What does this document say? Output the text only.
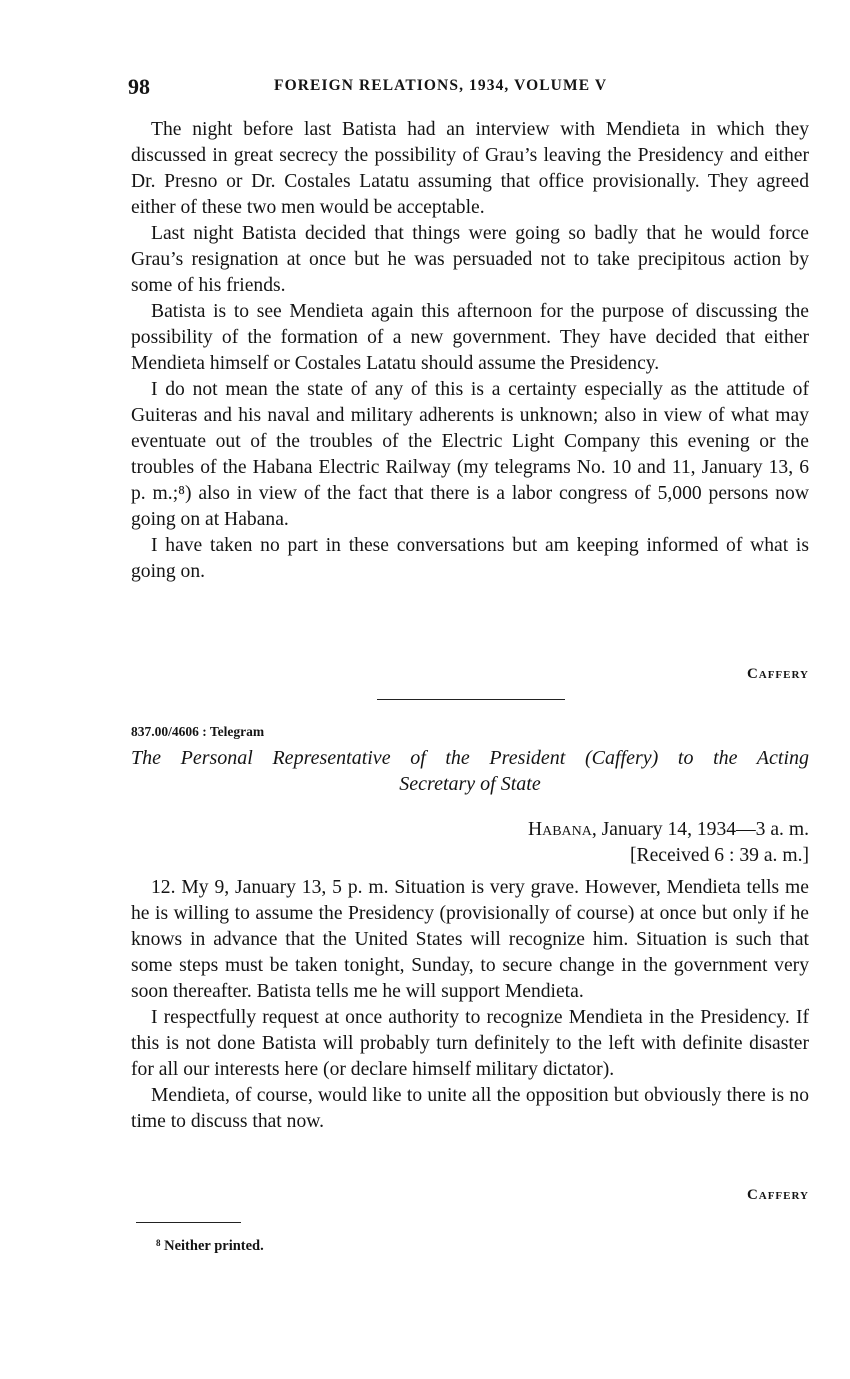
98	FOREIGN RELATIONS, 1934, VOLUME V

The night before last Batista had an interview with Mendieta in which they discussed in great secrecy the possibility of Grau’s leaving the Presidency and either Dr. Presno or Dr. Costales Latatu assuming that office provisionally. They agreed either of these two men would be acceptable.

Last night Batista decided that things were going so badly that he would force Grau’s resignation at once but he was persuaded not to take precipitous action by some of his friends.

Batista is to see Mendieta again this afternoon for the purpose of discussing the possibility of the formation of a new government. They have decided that either Mendieta himself or Costales Latatu should assume the Presidency.

I do not mean the state of any of this is a certainty especially as the attitude of Guiteras and his naval and military adherents is unknown; also in view of what may eventuate out of the troubles of the Electric Light Company this evening or the troubles of the Habana Electric Railway (my telegrams No. 10 and 11, January 13, 6 p. m.;⁸) also in view of the fact that there is a labor congress of 5,000 persons now going on at Habana.

I have taken no part in these conversations but am keeping informed of what is going on.

Caffery
837.00/4606 : Telegram
The Personal Representative of the President (Caffery) to the Acting
Secretary of State
Habana, January 14, 1934—3 a. m.
[Received 6 : 39 a. m.]

12. My 9, January 13, 5 p. m. Situation is very grave. However, Mendieta tells me he is willing to assume the Presidency (provisionally of course) at once but only if he knows in advance that the United States will recognize him. Situation is such that some steps must be taken tonight, Sunday, to secure change in the government very soon thereafter. Batista tells me he will support Mendieta.

I respectfully request at once authority to recognize Mendieta in the Presidency. If this is not done Batista will probably turn definitely to the left with definite disaster for all our interests here (or declare himself military dictator).

Mendieta, of course, would like to unite all the opposition but obviously there is no time to discuss that now.

Caffery
$^8$ Neither printed.
